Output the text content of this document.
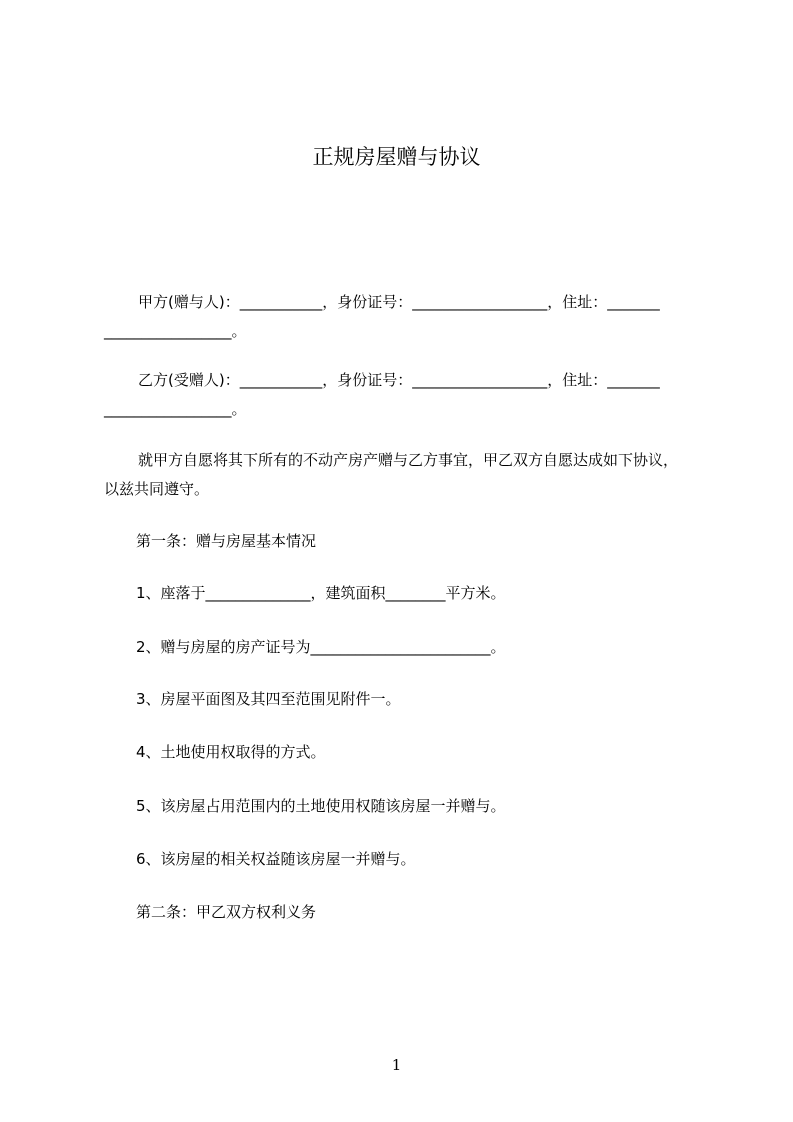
正规房屋赠与协议
甲方(赠与人)：___________，身份证号：__________________，住址：_______
_________________。
乙方(受赠人)：___________，身份证号：__________________，住址：_______
_________________。
就甲方自愿将其下所有的不动产房产赠与乙方事宜，甲乙双方自愿达成如下协议，
以兹共同遵守。

第一条：赠与房屋基本情况

1、座落于______________，建筑面积________平方米。

2、赠与房屋的房产证号为________________________。

3、房屋平面图及其四至范围见附件一。

4、土地使用权取得的方式。

5、该房屋占用范围内的土地使用权随该房屋一并赠与。

6、该房屋的相关权益随该房屋一并赠与。

第二条：甲乙双方权利义务

1
